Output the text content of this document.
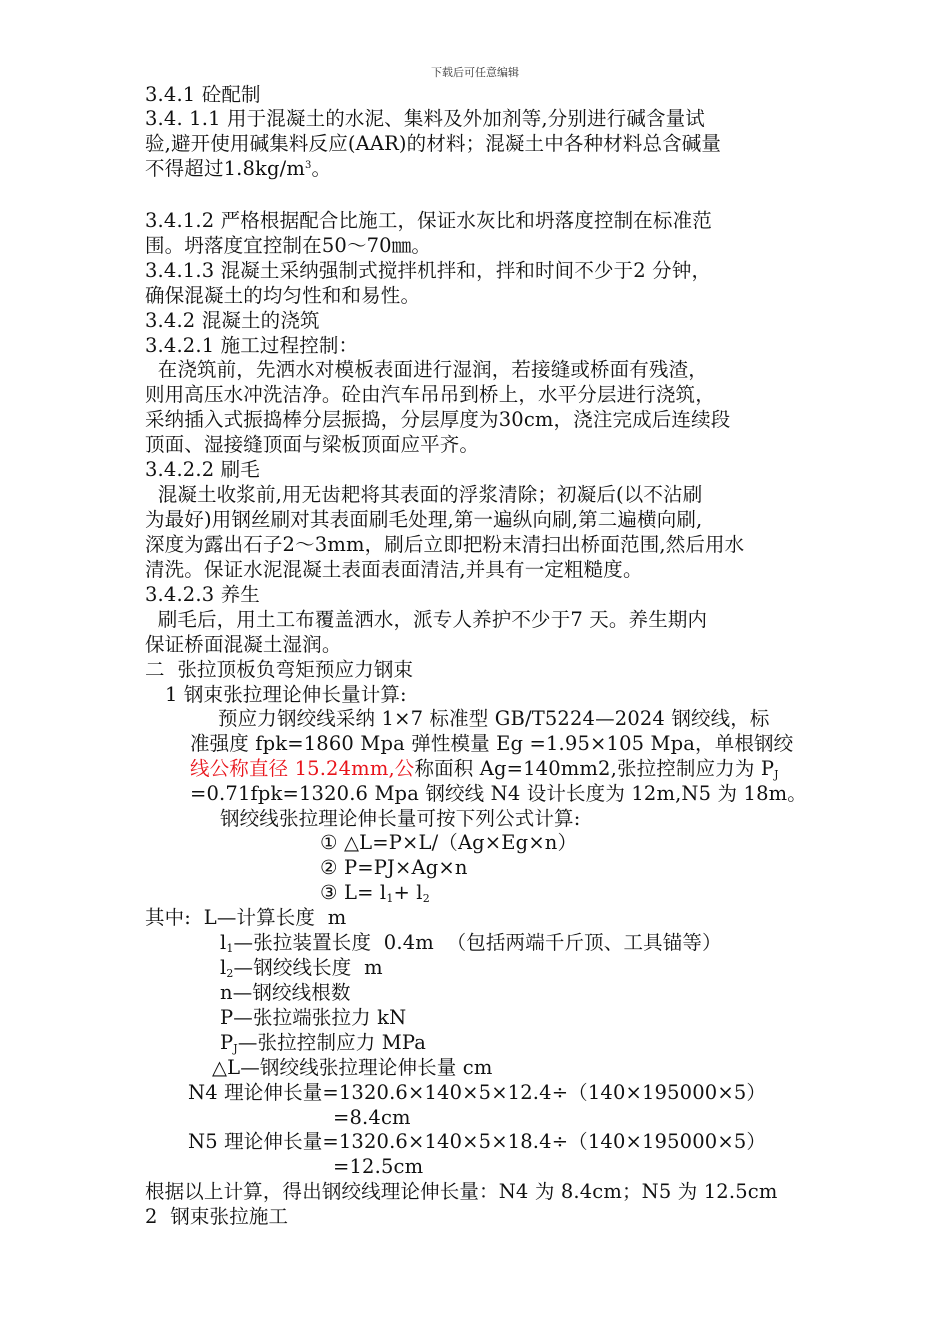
下载后可任意编辑
3.4.1 砼配制
3.4. 1.1 用于混凝土的水泥、集料及外加剂等,分别进行碱含量试
验,避开使用碱集料反应(AAR)的材料；混凝土中各种材料总含碱量
不得超过$1.8kg/m^3$。
3.4.1.2 严格根据配合比施工，保证水灰比和坍落度控制在标准范
围。坍落度宜控制在50～70㎜。
3.4.1.3 混凝土采纳强制式搅拌机拌和，拌和时间不少于2 分钟，
确保混凝土的均匀性和和易性。
3.4.2 混凝土的浇筑
3.4.2.1 施工过程控制：
在浇筑前，先洒水对模板表面进行湿润，若接缝或桥面有残渣，
则用高压水冲洗洁净。砼由汽车吊吊到桥上，水平分层进行浇筑，
采纳插入式振捣棒分层振捣，分层厚度为30cm，浇注完成后连续段
顶面、湿接缝顶面与梁板顶面应平齐。
3.4.2.2 刷毛
混凝土收浆前,用无齿耙将其表面的浮浆清除；初凝后(以不沾刷
为最好)用钢丝刷对其表面刷毛处理,第一遍纵向刷,第二遍横向刷,
深度为露出石子2～3mm，刷后立即把粉末清扫出桥面范围,然后用水
清洗。保证水泥混凝土表面表面清洁,并具有一定粗糙度。
3.4.2.3 养生
刷毛后，用土工布覆盖洒水，派专人养护不少于7 天。养生期内
保证桥面混凝土湿润。
二  张拉顶板负弯矩预应力钢束
1 钢束张拉理论伸长量计算:
预应力钢绞线采纳 1×7 标准型 GB/T5224—2024 钢绞线，标
准强度 fpk=1860 Mpa 弹性模量 Eg =1.95×105 Mpa，单根钢绞
线公称直径 15.24mm,公称面积 Ag=140mm2,张拉控制应力为 $P_J$
=0.71fpk=1320.6 Mpa 钢绞线 N4 设计长度为 12m,N5 为 18m。
钢绞线张拉理论伸长量可按下列公式计算:
① △L=P×L/（Ag×Eg×n）
② P=PJ×Ag×n
③ $L= l_1+ l_2$
其中:  L—计算长度  m
$l_1—$张拉装置长度  0.4m  （包括两端千斤顶、工具锚等）
$l_2—$钢绞线长度  m
n—钢绞线根数
P—张拉端张拉力 kN
$P_J—$张拉控制应力 MPa
△L—钢绞线张拉理论伸长量 cm
N4 理论伸长量=1320.6×140×5×12.4÷（140×195000×5）
=8.4cm
N5 理论伸长量=1320.6×140×5×18.4÷（140×195000×5）
=12.5cm
根据以上计算，得出钢绞线理论伸长量：N4 为 8.4cm；N5 为 12.5cm
2  钢束张拉施工
